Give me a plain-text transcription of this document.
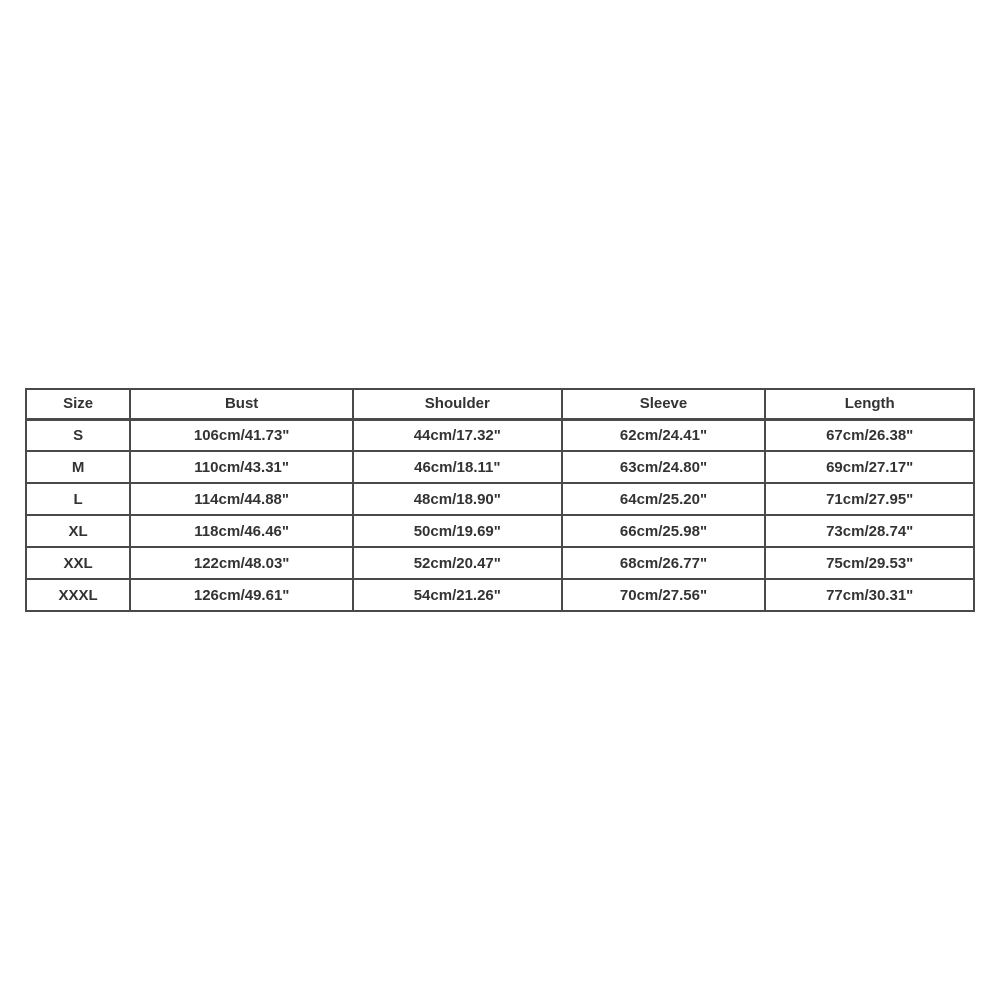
Size	Bust	Shoulder	Sleeve	Length
S	106cm/41.73"	44cm/17.32"	62cm/24.41"	67cm/26.38"
M	110cm/43.31"	46cm/18.11"	63cm/24.80"	69cm/27.17"
L	114cm/44.88"	48cm/18.90"	64cm/25.20"	71cm/27.95"
XL	118cm/46.46"	50cm/19.69"	66cm/25.98"	73cm/28.74"
XXL	122cm/48.03"	52cm/20.47"	68cm/26.77"	75cm/29.53"
XXXL	126cm/49.61"	54cm/21.26"	70cm/27.56"	77cm/30.31"
